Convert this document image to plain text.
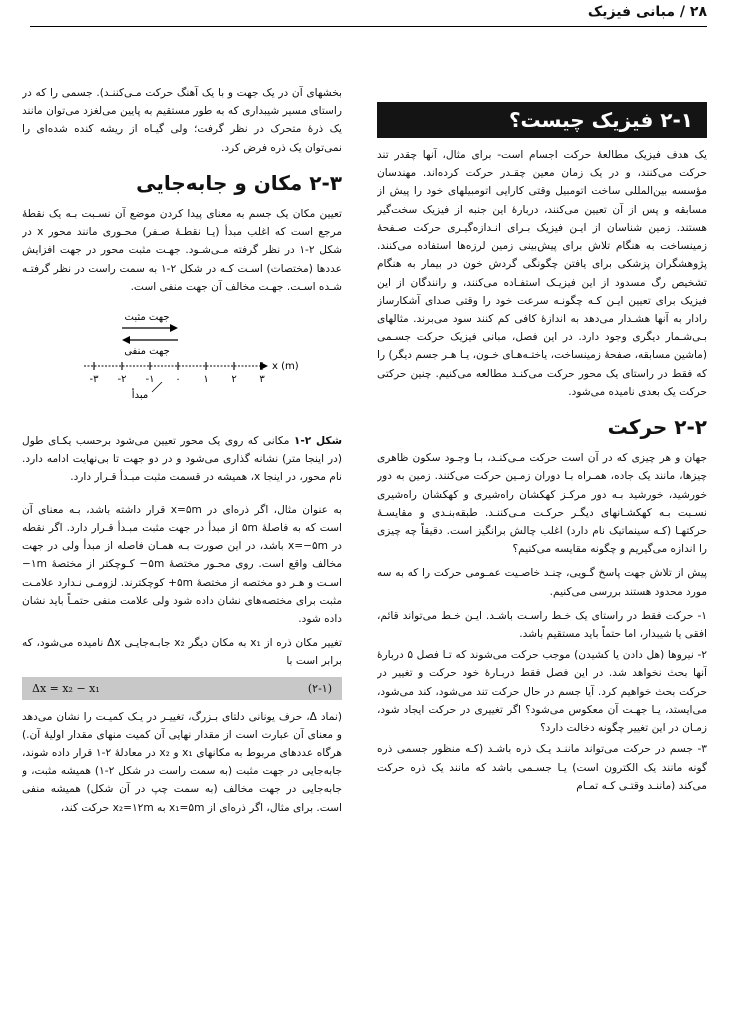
۲۸ / مبانی فیزیک
۲-۱ فیزیک چیست؟

یک هدف فیزیک مطالعهٔ حرکت اجسام است- برای مثال، آنها چقدر تند حرکت می‌کنند، و در یک زمان معین چقـدر حرکت کرده‌اند. مهندسان مؤسسه بین‌المللی ساخت اتومبیل وقتی کارایی اتومبیلهای خود را پیش از مسابقه و پس از آن تعیین می‌کنند، دربارهٔ این جنبه از فیزیک سخت‌گیر هستند. زمین شناسان از ایـن فیزیک بـرای انـدازه‌گیـری حرکت صـفحهٔ زمینساخت به هنگام تلاش برای پیش‌بینی زمین لرزه‌ها استفاده می‌کنند. پژوهشگران پزشکی برای یافتن چگونگی گردش خون در بیمار به هنگام تشخیص رگ مسدود از این فیزیـک استفـاده می‌کنند، و رانندگان از این فیزیک برای تعیین ایـن کـه چگونـه سرعت خود را وقتی صدای آشکارساز رادار به آنها هشـدار می‌دهد به اندازهٔ کافی کم کنند سود می‌برند. مثالهای بـی‌شـمار دیگری وجود دارد. در این فصل، مبانی فیزیک حرکت جسـمی (ماشین مسابقه، صفحهٔ زمینساخت، یاختـه‌هـای خـون، یـا هـر جسم دیگر) را که فقط در راستای یک محور حرکت می‌کنـد مطالعه می‌کنیم. چنین حرکتی حرکت یک بعدی نامیده می‌شود.

۲-۲ حرکت

جهان و هر چیزی که در آن است حرکت مـی‌کنـد، بـا وجـود سکون ظاهری چیزها، مانند یک جاده، همـراه بـا دوران زمـین حرکت می‌کنند. زمین به دور خورشید، خورشید بـه دور مرکـز کهکشان راه‌شیری و کهکشان راه‌شیری نسـبت بـه کهکشـانهای دیگـر حرکـت مـی‌کننـد. طبقه‌بنـدی و مقایسـهٔ حرکتهـا (کـه سینماتیک نام دارد) اغلب چالش برانگیز است. دقیقاً چه چیزی را اندازه می‌گیریم و چگونه مقایسه می‌کنیم؟

پیش از تلاش جهت پاسخ گـویی، چنـد خاصـیت عمـومی حرکت را که به سه مورد محدود هستند بررسی می‌کنیم.

۱- حرکت فقط در راستای یک خـط راسـت باشـد. ایـن خـط می‌تواند قائم، افقی یا شیبدار، اما حتماً باید مستقیم باشد.

۲- نیروها (هل دادن یا کشیدن) موجب حرکت می‌شوند که تـا فصل ۵ دربارهٔ آنها بحث نخواهد شد. در این فصل فقط دربـارهٔ خود حرکت و تغییر در حرکت بحث خواهیم کرد. آیا جسم در حال حرکت تند می‌شود، کند می‌شود، می‌ایستد، یـا جهـت آن معکوس می‌شود؟ اگر تغییری در حرکت ایجاد شود، زمـان در این تغییر چگونه دخالت دارد؟

۳- جسم در حرکت می‌تواند ماننـد یـک ذره باشـد (کـه منظور جسمی ذره گونه مانند یک الکترون است) یـا جسـمی باشد که مانند یک ذره حرکت می‌کند (ماننـد وقتـی کـه تمـام

بخشهای آن در یک جهت و با یک آهنگ حرکت مـی‌کننـد). جسمی را که در راستای مسیر شیبداری که به طور مستقیم به پایین می‌لغزد می‌توان مانند یک ذرهٔ متحرک در نظر گرفت؛ ولی گیـاه از ریشه کنده شده‌ای را نمی‌توان یک ذره فرض کرد.

۲-۳ مکان و جابه‌جایی

تعیین مکان یک جسم به معنای پیدا کردن موضع آن نسـبت بـه یک نقطهٔ مرجع است که اغلب مبدأ (یـا نقطـهٔ صـفر) محـوری مانند محور x در شکل ۲-۱ در نظر گرفته مـی‌شـود. جهـت مثبت محور در جهت افزایش عددها (مختصات) اسـت کـه در شکل ۲-۱ به سمت راست در نظر گرفتـه شـده اسـت. جهـت مخالف آن جهت منفی است.

جهت مثبت
جهت منفی
x (m)
-۳ -۲ -۱ ۰ ۱ ۲ ۳
مبدأ
شکل ۲-۱ مکانی که روی یک محور تعیین می‌شود برحسب یکـای طول (در اینجا متر) نشانه گذاری می‌شود و در دو جهت تا بی‌نهایت ادامه دارد. نام محور، در اینجا x، همیشه در قسمت مثبت مبـدأ قـرار دارد.

به عنوان مثال، اگر ذره‌ای در x=۵m قرار داشته باشد، بـه معنای آن است که به فاصلهٔ ۵m از مبدأ در جهت مثبت مبـدأ قـرار دارد. اگر نقطه در x=−۵m باشد، در این صورت بـه همـان فاصله از مبدأ ولی در جهت مخالف واقع است. روی محـور مختصهٔ ۵m− کـوچکتر از مختصهٔ ۱m− اسـت و هـر دو مختصه از مختصهٔ ۵m+ کوچکترند. لزومـی نـدارد علامـت مثبت برای مختصه‌های نشان داده شود ولی علامت منفی حتمـاً باید نشان داده شود.

تغییر مکان ذره از x₁ به مکان دیگر x₂ جابـه‌جایـی Δx نامیده می‌شود، که برابر است با

(۲-۱)
Δx = x₂ − x₁

(نماد Δ، حرف یونانی دلتای بـزرگ، تغییـر در یـک کمیـت را نشان می‌دهد و معنای آن عبارت است از مقدار نهایی آن کمیت منهای مقدار اولیهٔ آن.) هرگاه عددهای مربوط به مکانهای x₁ و x₂ در معادلهٔ ۲-۱ قرار داده شوند، جابه‌جایی در جهت مثبت (به سمت راست در شکل ۲-۱) همیشه مثبت، و جابه‌جایی در جهت مخالف (به سمت چپ در آن شکل) همیشه منفی است. برای مثال، اگر ذره‌ای از x₁=۵m به x₂=۱۲m حرکت کند،
